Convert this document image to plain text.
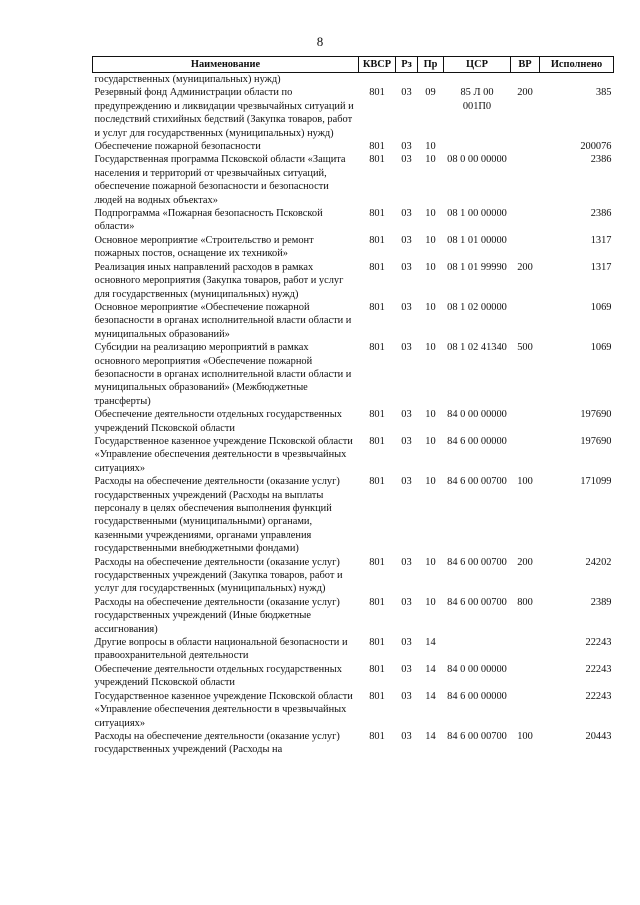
8
Наименование	КВСР	Рз	Пр	ЦСР	ВР	Исполнено
государственных (муниципальных) нужд)						
Резервный фонд Администрации области по предупреждению и ликвидации чрезвычайных ситуаций и последствий стихийных бедствий (Закупка товаров, работ и услуг для государственных (муниципальных) нужд)	801	03	09	85 Л 00 001П0	200	385
Обеспечение пожарной безопасности	801	03	10			200076
Государственная программа Псковской области «Защита населения и территорий от чрезвычайных ситуаций, обеспечение пожарной безопасности и безопасности людей на водных объектах»	801	03	10	08 0 00 00000		2386
Подпрограмма «Пожарная безопасность Псковской области»	801	03	10	08 1 00 00000		2386
Основное мероприятие «Строительство и ремонт пожарных постов, оснащение их техникой»	801	03	10	08 1 01 00000		1317
Реализация иных направлений расходов в рамках основного мероприятия (Закупка товаров, работ и услуг для государственных (муниципальных) нужд)	801	03	10	08 1 01 99990	200	1317
Основное мероприятие «Обеспечение пожарной безопасности в органах исполнительной власти области и муниципальных образований»	801	03	10	08 1 02 00000		1069
Субсидии на реализацию мероприятий в рамках основного мероприятия «Обеспечение пожарной безопасности в органах исполнительной власти области и муниципальных образований» (Межбюджетные трансферты)	801	03	10	08 1 02 41340	500	1069
Обеспечение деятельности отдельных государственных учреждений Псковской области	801	03	10	84 0 00 00000		197690
Государственное казенное учреждение Псковской области «Управление обеспечения деятельности в чрезвычайных ситуациях»	801	03	10	84 6 00 00000		197690
Расходы на обеспечение деятельности (оказание услуг) государственных учреждений (Расходы на выплаты персоналу в целях обеспечения выполнения функций государственными (муниципальными) органами, казенными учреждениями, органами управления государственными внебюджетными фондами)	801	03	10	84 6 00 00700	100	171099
Расходы на обеспечение деятельности (оказание услуг) государственных учреждений (Закупка товаров, работ и услуг для государственных (муниципальных) нужд)	801	03	10	84 6 00 00700	200	24202
Расходы на обеспечение деятельности (оказание услуг) государственных учреждений (Иные бюджетные ассигнования)	801	03	10	84 6 00 00700	800	2389
Другие вопросы в области национальной безопасности и правоохранительной деятельности	801	03	14			22243
Обеспечение деятельности отдельных государственных учреждений Псковской области	801	03	14	84 0 00 00000		22243
Государственное казенное учреждение Псковской области «Управление обеспечения деятельности в чрезвычайных ситуациях»	801	03	14	84 6 00 00000		22243
Расходы на обеспечение деятельности (оказание услуг) государственных учреждений (Расходы на	801	03	14	84 6 00 00700	100	20443
